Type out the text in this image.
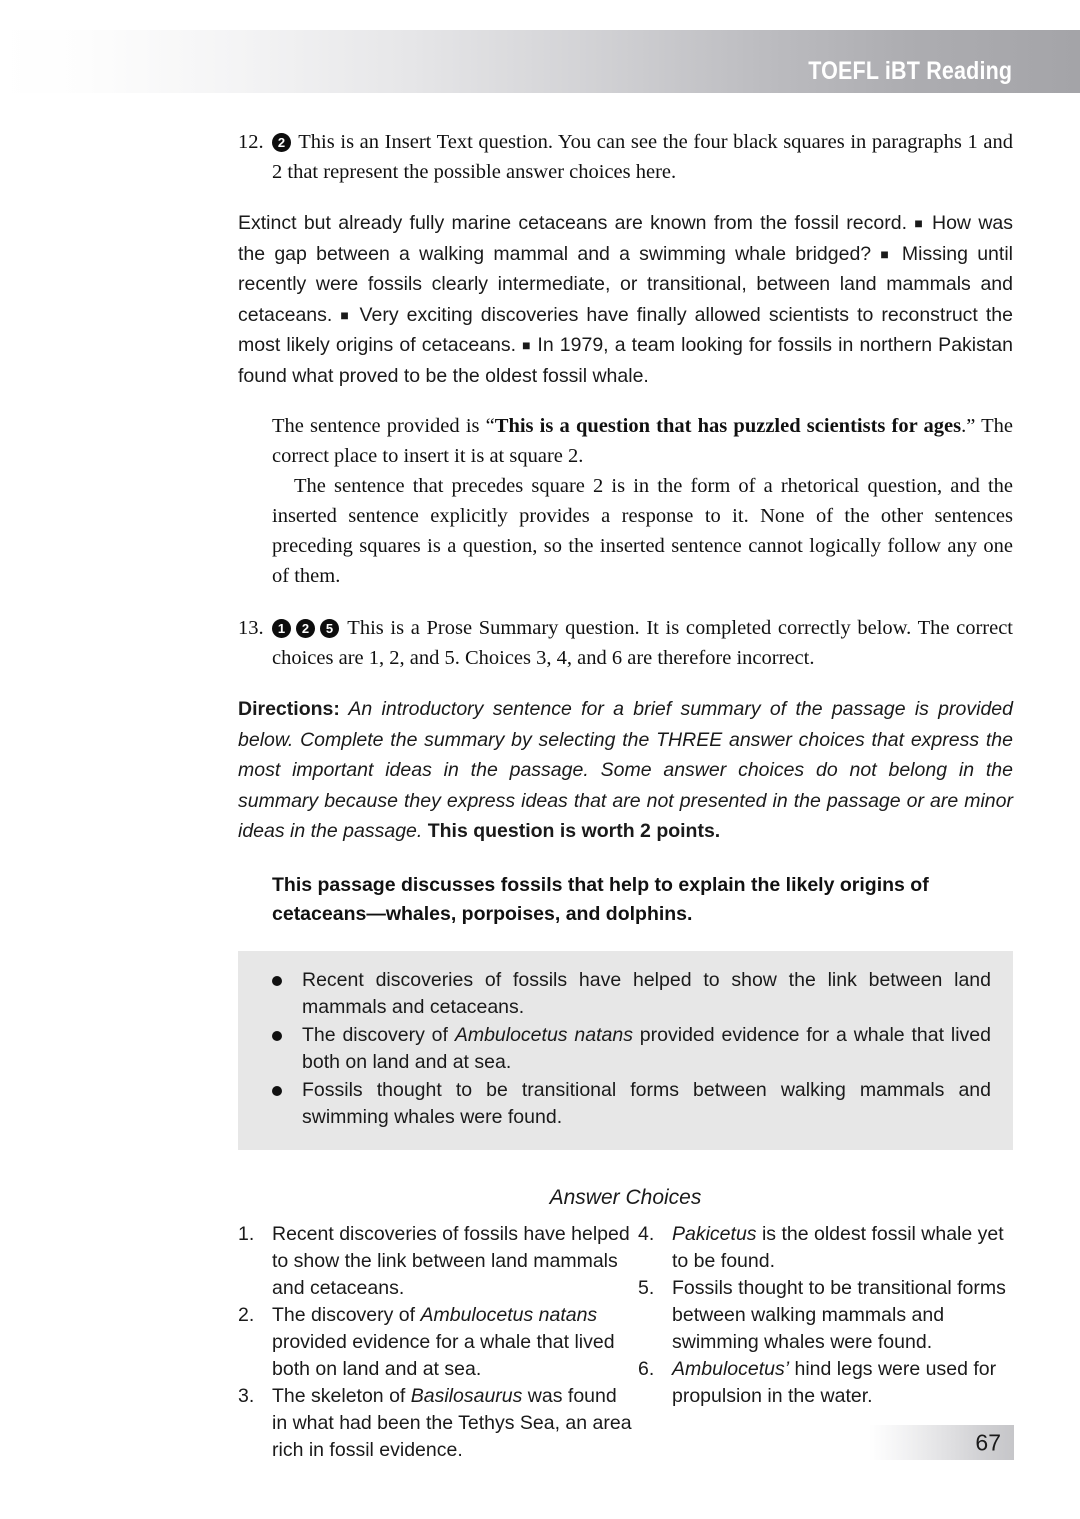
TOEFL iBT Reading
12. 2 This is an Insert Text question. You can see the four black squares in paragraphs 1 and 2 that represent the possible answer choices here.
Extinct but already fully marine cetaceans are known from the fossil record. ■ How was the gap between a walking mammal and a swimming whale bridged? ■ Missing until recently were fossils clearly intermediate, or transitional, between land mammals and cetaceans. ■ Very exciting discoveries have finally allowed scientists to reconstruct the most likely origins of cetaceans. ■ In 1979, a team looking for fossils in northern Pakistan found what proved to be the oldest fossil whale.

The sentence provided is “This is a question that has puzzled scientists for ages.” The correct place to insert it is at square 2.

The sentence that precedes square 2 is in the form of a rhetorical question, and the inserted sentence explicitly provides a response to it. None of the other sentences preceding squares is a question, so the inserted sentence cannot logically follow any one of them.

13. 1 2 5 This is a Prose Summary question. It is completed correctly below. The correct choices are 1, 2, and 5. Choices 3, 4, and 6 are therefore incorrect.
Directions: An introductory sentence for a brief summary of the passage is provided below. Complete the summary by selecting the THREE answer choices that express the most important ideas in the passage. Some answer choices do not belong in the summary because they express ideas that are not presented in the passage or are minor ideas in the passage. This question is worth 2 points.
This passage discusses fossils that help to explain the likely origins of cetaceans—whales, porpoises, and dolphins.
Recent discoveries of fossils have helped to show the link between land mammals and cetaceans.
The discovery of Ambulocetus natans provided evidence for a whale that lived both on land and at sea.
Fossils thought to be transitional forms between walking mammals and swimming whales were found.
Answer Choices
1. Recent discoveries of fossils have helped to show the link between land mammals and cetaceans.
2. The discovery of Ambulocetus natans provided evidence for a whale that lived both on land and at sea.
3. The skeleton of Basilosaurus was found in what had been the Tethys Sea, an area rich in fossil evidence.
4. Pakicetus is the oldest fossil whale yet to be found.
5. Fossils thought to be transitional forms between walking mammals and swimming whales were found.
6. Ambulocetus’ hind legs were used for propulsion in the water.
67
